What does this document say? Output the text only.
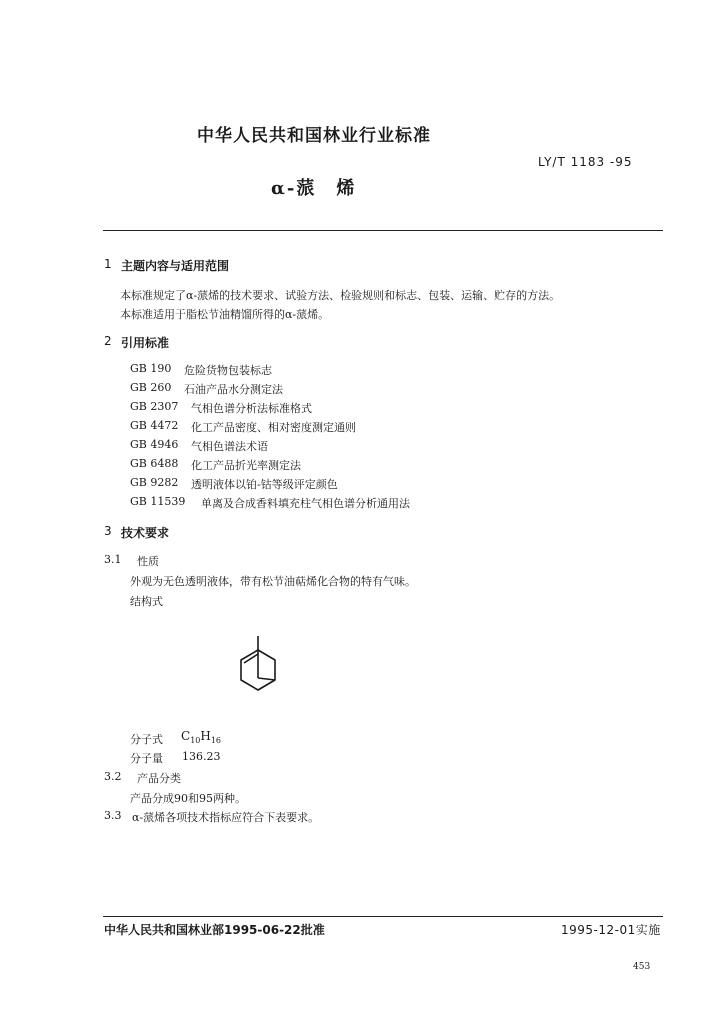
中华人民共和国林业行业标准
LY/T 1183 -95
α-蒎　烯
1 主题内容与适用范围
本标准规定了α-蒎烯的技术要求、试验方法、检验规则和标志、包装、运输、贮存的方法。
本标准适用于脂松节油精馏所得的α-蒎烯。
2 引用标准
GB 190 危险货物包装标志
GB 260 石油产品水分测定法
GB 2307 气相色谱分析法标准格式
GB 4472 化工产品密度、相对密度测定通则
GB 4946 气相色谱法术语
GB 6488 化工产品折光率测定法
GB 9282 透明液体以铂-钴等级评定颜色
GB 11539 单离及合成香料填充柱气相色谱分析通用法
3 技术要求
3.1 性质
外观为无色透明液体，带有松节油萜烯化合物的特有气味。
结构式
分子式 $C_{10}H_{16}$
分子量 136.23
3.2 产品分类
产品分成90和95两种。
3.3 α-蒎烯各项技术指标应符合下表要求。
中华人民共和国林业部1995-06-22批准	1995-12-01实施
453
